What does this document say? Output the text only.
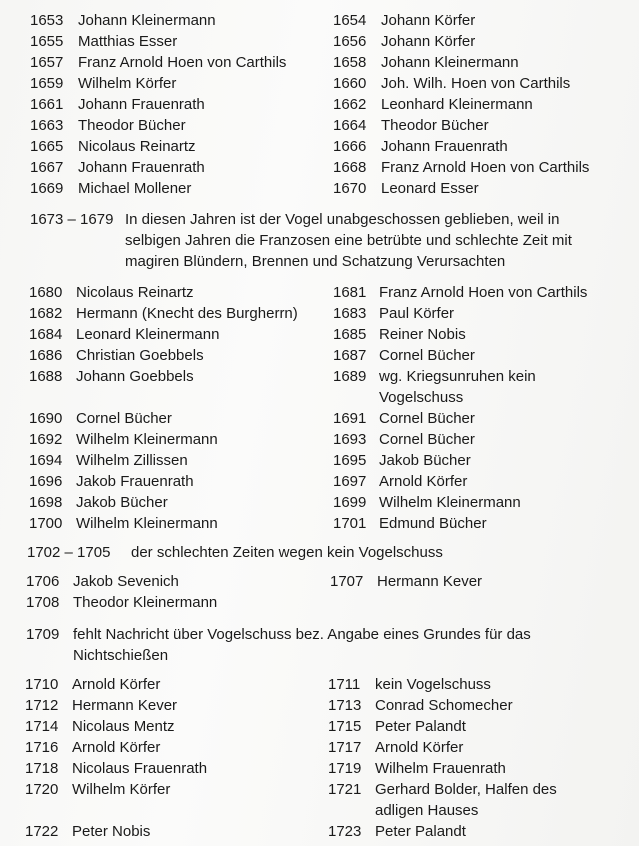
1653 Johann Kleinermann	1654 Johann Körfer
1655 Matthias Esser	1656 Johann Körfer
1657 Franz Arnold Hoen von Carthils	1658 Johann Kleinermann
1659 Wilhelm Körfer	1660 Joh. Wilh. Hoen von Carthils
1661 Johann Frauenrath	1662 Leonhard Kleinermann
1663 Theodor Bücher	1664 Theodor Bücher
1665 Nicolaus Reinartz	1666 Johann Frauenrath
1667 Johann Frauenrath	1668 Franz Arnold Hoen von Carthils
1669 Michael Mollener	1670 Leonard Esser
1673 – 1679 In diesen Jahren ist der Vogel unabgeschossen geblieben, weil in selbigen Jahren die Franzosen eine betrübte und schlechte Zeit mit magiren Blündern, Brennen und Schatzung Verursachten
1680 Nicolaus Reinartz	1681 Franz Arnold Hoen von Carthils
1682 Hermann (Knecht des Burgherrn) 1683 Paul Körfer
1684 Leonard Kleinermann	1685 Reiner Nobis
1686 Christian Goebbels	1687 Cornel Bücher
1688 Johann Goebbels	1689 wg. Kriegsunruhen kein Vogelschuss
1690 Cornel Bücher	1691 Cornel Bücher
1692 Wilhelm Kleinermann	1693 Cornel Bücher
1694 Wilhelm Zillissen	1695 Jakob Bücher
1696 Jakob Frauenrath	1697 Arnold Körfer
1698 Jakob Bücher	1699 Wilhelm Kleinermann
1700 Wilhelm Kleinermann	1701 Edmund Bücher
1702 – 1705	der schlechten Zeiten wegen kein Vogelschuss
1706 Jakob Sevenich	1707 Hermann Kever
1708 Theodor Kleinermann
1709 fehlt Nachricht über Vogelschuss bez. Angabe eines Grundes für das Nichtschießen
1710 Arnold Körfer	1711 kein Vogelschuss
1712 Hermann Kever	1713 Conrad Schomecher
1714 Nicolaus Mentz	1715 Peter Palandt
1716 Arnold Körfer	1717 Arnold Körfer
1718 Nicolaus Frauenrath	1719 Wilhelm Frauenrath
1720 Wilhelm Körfer	1721 Gerhard Bolder, Halfen des adligen Hauses
1722 Peter Nobis	1723 Peter Palandt
